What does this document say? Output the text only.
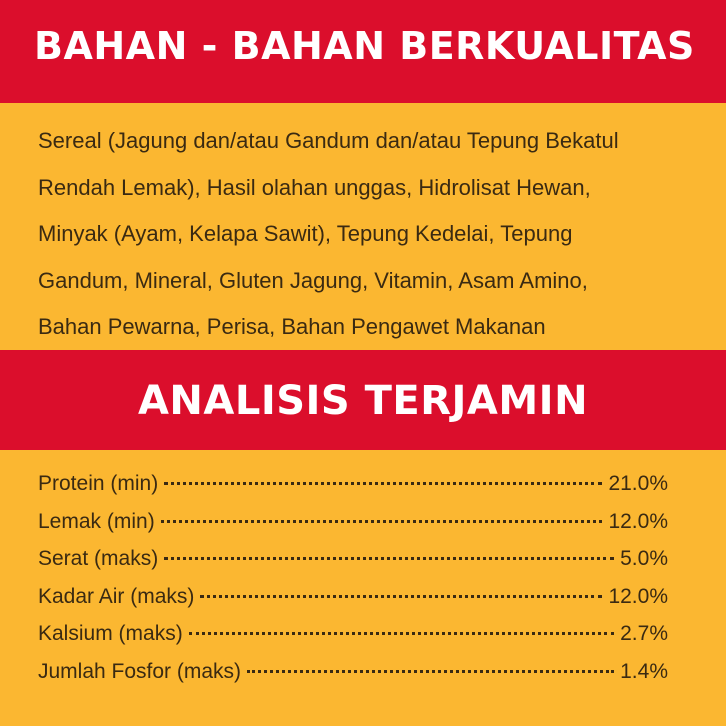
BAHAN - BAHAN BERKUALITAS

Sereal (Jagung dan/atau Gandum dan/atau Tepung Bekatul

Rendah Lemak), Hasil olahan unggas, Hidrolisat Hewan,

Minyak (Ayam, Kelapa Sawit), Tepung Kedelai, Tepung

Gandum, Mineral, Gluten Jagung, Vitamin, Asam Amino,

Bahan Pewarna, Perisa, Bahan Pengawet Makanan

ANALISIS TERJAMIN
Protein (min)	21.0%
Lemak (min)	12.0%
Serat (maks)	5.0%
Kadar Air (maks)	12.0%
Kalsium (maks)	2.7%
Jumlah Fosfor (maks)	1.4%
